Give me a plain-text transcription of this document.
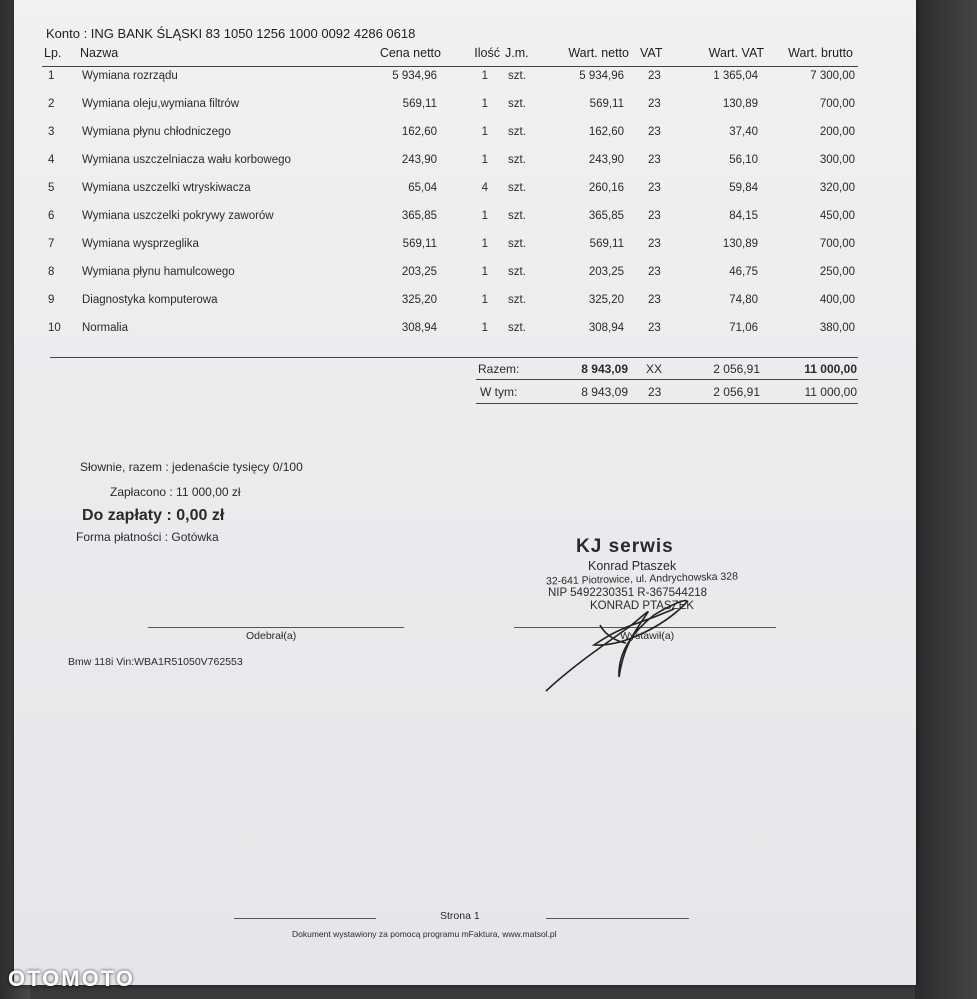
Konto : ING BANK ŚLĄSKI 83 1050 1256 1000 0092 4286 0618
Lp. Nazwa	Cena netto	Ilość J.m.	Wart. netto VAT	Wart. VAT Wart. brutto
1 Wymiana rozrządu	5 934,96	1 szt.	5 934,96 23	1 365,04	7 300,00
2 Wymiana oleju,wymiana filtrów	569,11	1 szt.	569,11 23	130,89	700,00
3 Wymiana płynu chłodniczego	162,60	1 szt.	162,60 23	37,40	200,00
4 Wymiana uszczelniacza wału korbowego	243,90	1 szt.	243,90 23	56,10	300,00
5 Wymiana uszczelki wtryskiwacza	65,04	4 szt.	260,16 23	59,84	320,00
6 Wymiana uszczelki pokrywy zaworów	365,85	1 szt.	365,85 23	84,15	450,00
7 Wymiana wysprzeglika	569,11	1 szt.	569,11 23	130,89	700,00
8 Wymiana płynu hamulcowego	203,25	1 szt.	203,25 23	46,75	250,00
9 Diagnostyka komputerowa	325,20	1 szt.	325,20 23	74,80	400,00
10 Normalia	308,94	1 szt.	308,94 23	71,06	380,00
Razem:	8 943,09 XX	2 056,91	11 000,00
W tym:	8 943,09 23	2 056,91	11 000,00
Słownie, razem : jedenaście tysięcy 0/100
Zapłacono : 11 000,00 zł
Do zapłaty : 0,00 zł
Forma płatności : Gotówka	KJ serwis
Konrad Ptaszek
32-641 Piotrowice, ul. Andrychowska 328
NIP 5492230351 R-367544218
KONRAD PTASZEK
Odebrał(a)	Wystawił(a)
Bmw 118i Vin:WBA1R51050V762553
Strona 1
Dokument wystawiony za pomocą programu mFaktura, www.matsol.pl
OTOMOTO
